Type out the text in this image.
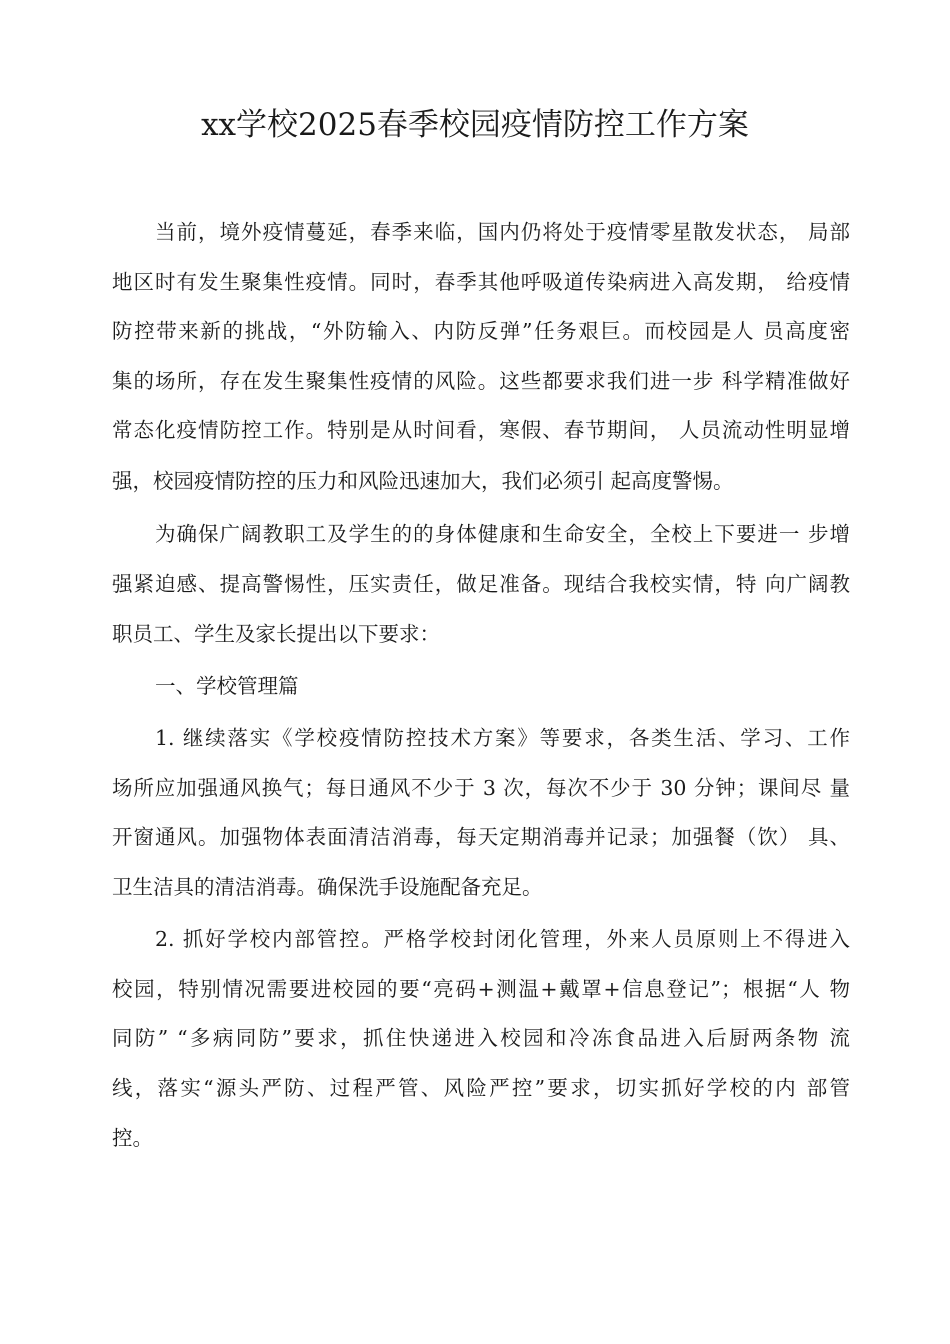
xx学校2025春季校园疫情防控工作方案
当前，境外疫情蔓延，春季来临，国内仍将处于疫情零星散发状态， 局部
地区时有发生聚集性疫情。同时，春季其他呼吸道传染病进入高发期， 给疫情
防控带来新的挑战，“外防输入、内防反弹”任务艰巨。而校园是人 员高度密
集的场所，存在发生聚集性疫情的风险。这些都要求我们进一步 科学精准做好
常态化疫情防控工作。特别是从时间看，寒假、春节期间， 人员流动性明显增
强，校园疫情防控的压力和风险迅速加大，我们必须引 起高度警惕。
为确保广阔教职工及学生的的身体健康和生命安全，全校上下要进一 步增
强紧迫感、提高警惕性，压实责任，做足准备。现结合我校实情，特 向广阔教
职员工、学生及家长提出以下要求：
一、学校管理篇
1. 继续落实《学校疫情防控技术方案》等要求，各类生活、学习、工作
场所应加强通风换气；每日通风不少于 3 次，每次不少于 30 分钟；课间尽 量
开窗通风。加强物体表面清洁消毒，每天定期消毒并记录；加强餐（饮） 具、
卫生洁具的清洁消毒。确保洗手设施配备充足。
2. 抓好学校内部管控。严格学校封闭化管理，外来人员原则上不得进入
校园，特别情况需要进校园的要“亮码+测温+戴罩+信息登记”；根据“人 物
同防” “多病同防”要求，抓住快递进入校园和冷冻食品进入后厨两条物 流
线，落实“源头严防、过程严管、风险严控”要求，切实抓好学校的内 部管
控。
